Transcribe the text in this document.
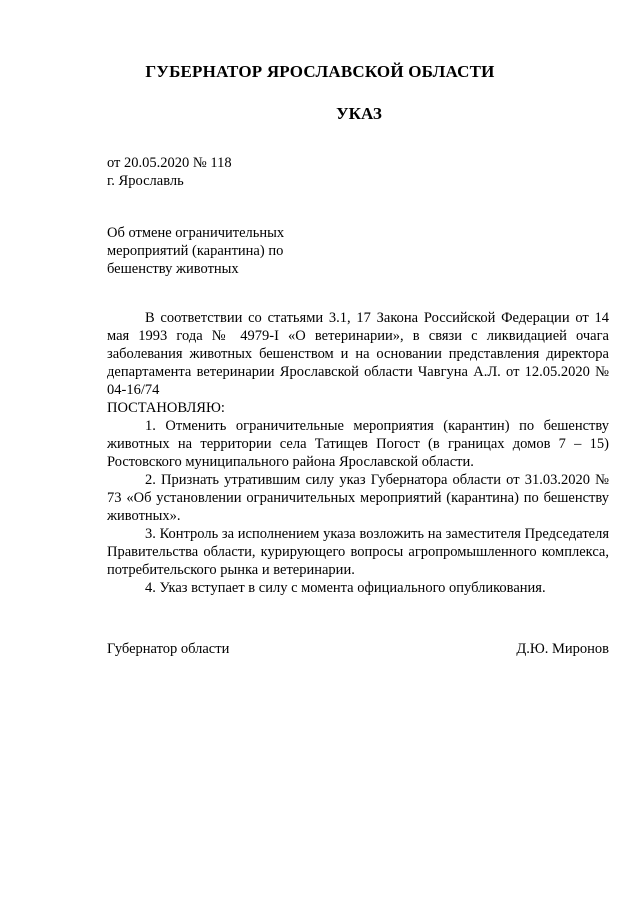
ГУБЕРНАТОР ЯРОСЛАВСКОЙ ОБЛАСТИ
УКАЗ
от 20.05.2020 № 118
г. Ярославль
Об отмене ограничительных
мероприятий (карантина) по
бешенству животных

В соответствии со статьями 3.1, 17 Закона Российской Федерации от 14 мая 1993 года № 4979-I «О ветеринарии», в связи с ликвидацией очага заболевания животных бешенством и на основании представления директора департамента ветеринарии Ярославской области Чавгуна А.Л. от 12.05.2020 № 04-16/74

ПОСТАНОВЛЯЮ:

1. Отменить ограничительные мероприятия (карантин) по бешенству животных на территории села Татищев Погост (в границах домов 7 – 15) Ростовского муниципального района Ярославской области.

2. Признать утратившим силу указ Губернатора области от 31.03.2020 № 73 «Об установлении ограничительных мероприятий (карантина) по бешенству животных».

3. Контроль за исполнением указа возложить на заместителя Председателя Правительства области, курирующего вопросы агропромышленного комплекса, потребительского рынка и ветеринарии.

4. Указ вступает в силу с момента официального опубликования.

Губернатор области	Д.Ю. Миронов
